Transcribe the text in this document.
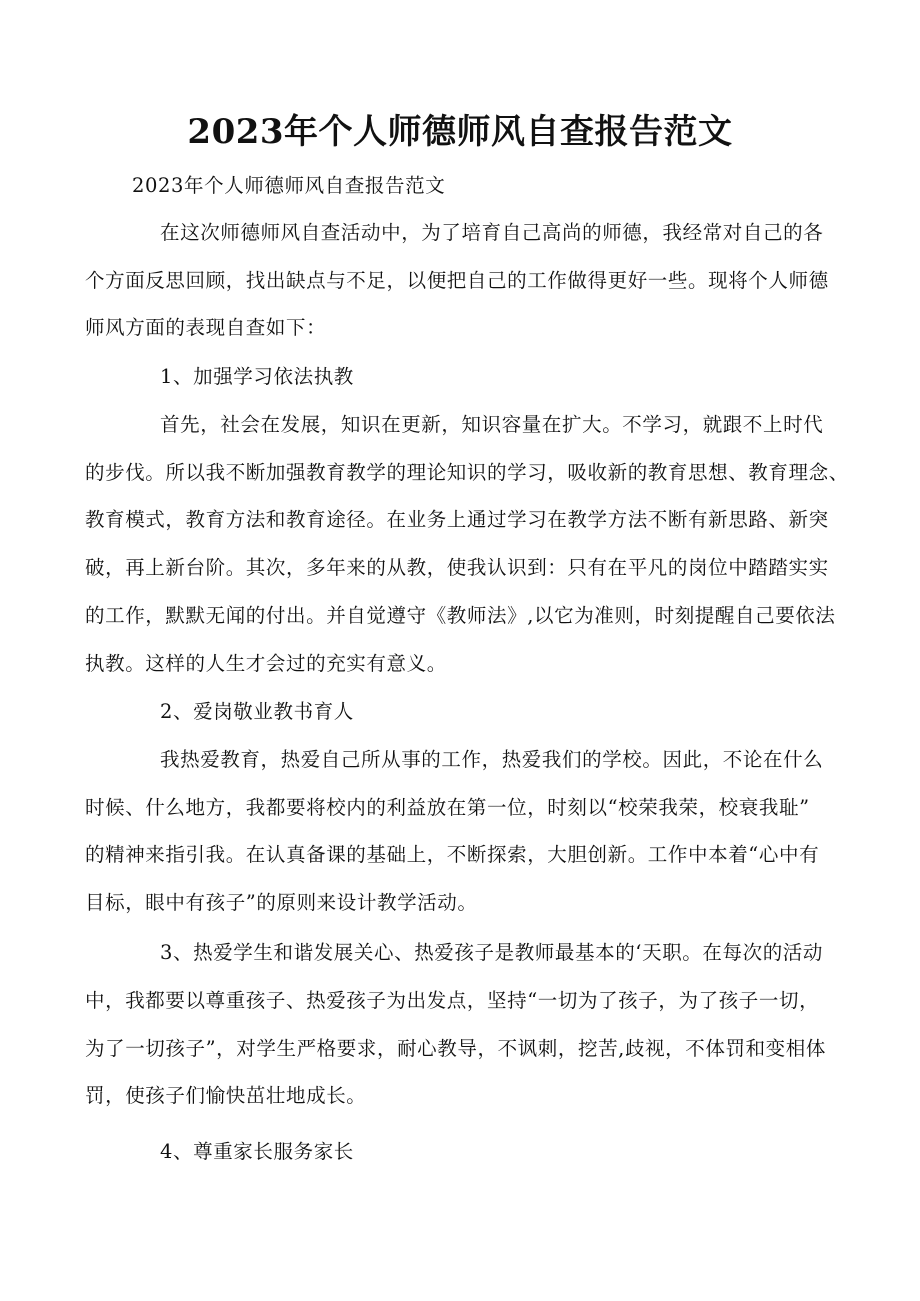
2023年个人师德师风自查报告范文
2023年个人师德师风自查报告范文
在这次师德师风自查活动中，为了培育自己高尚的师德，我经常对自己的各
个方面反思回顾，找出缺点与不足，以便把自己的工作做得更好一些。现将个人师德
师风方面的表现自查如下：
1、加强学习依法执教
首先，社会在发展，知识在更新，知识容量在扩大。不学习，就跟不上时代
的步伐。所以我不断加强教育教学的理论知识的学习，吸收新的教育思想、教育理念、
教育模式，教育方法和教育途径。在业务上通过学习在教学方法不断有新思路、新突
破，再上新台阶。其次，多年来的从教，使我认识到：只有在平凡的岗位中踏踏实实
的工作，默默无闻的付出。并自觉遵守《教师法》,以它为准则，时刻提醒自己要依法
执教。这样的人生才会过的充实有意义。
2、爱岗敬业教书育人
我热爱教育，热爱自己所从事的工作，热爱我们的学校。因此，不论在什么
时候、什么地方，我都要将校内的利益放在第一位，时刻以“校荣我荣，校衰我耻”
的精神来指引我。在认真备课的基础上，不断探索，大胆创新。工作中本着“心中有
目标，眼中有孩子”的原则来设计教学活动。
3、热爱学生和谐发展关心、热爱孩子是教师最基本的‘天职。在每次的活动
中，我都要以尊重孩子、热爱孩子为出发点，坚持“一切为了孩子，为了孩子一切，
为了一切孩子”，对学生严格要求，耐心教导，不讽刺，挖苦,歧视，不体罚和变相体
罚，使孩子们愉快茁壮地成长。
4、尊重家长服务家长
